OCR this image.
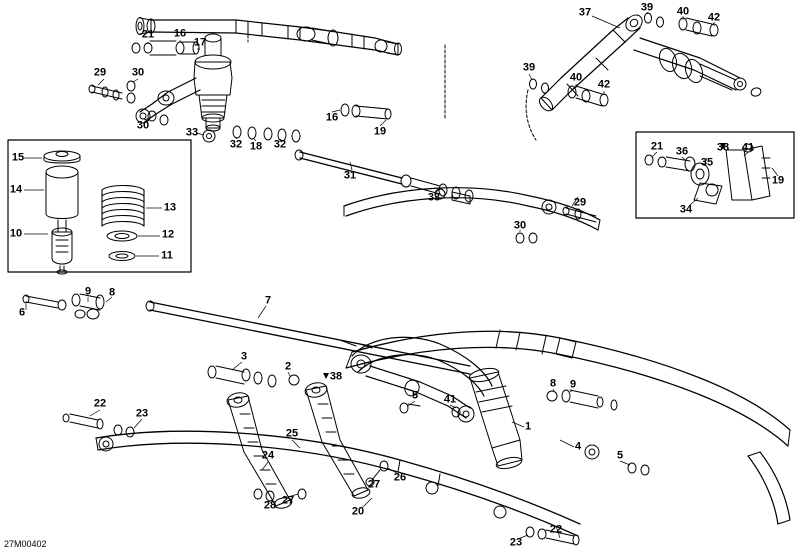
21 16
17
29 30
30
33
32 18 32
16
19
31
33	29
30
37	39 40 42
39
40
42
21 36	38 41
35
19
34
15
14
13
10	12
11
6
9 8
7
3
2
38
8 9
5 41
1
4
5
22
23
25
24
26
27
27
28	20
22
23
27M00402
